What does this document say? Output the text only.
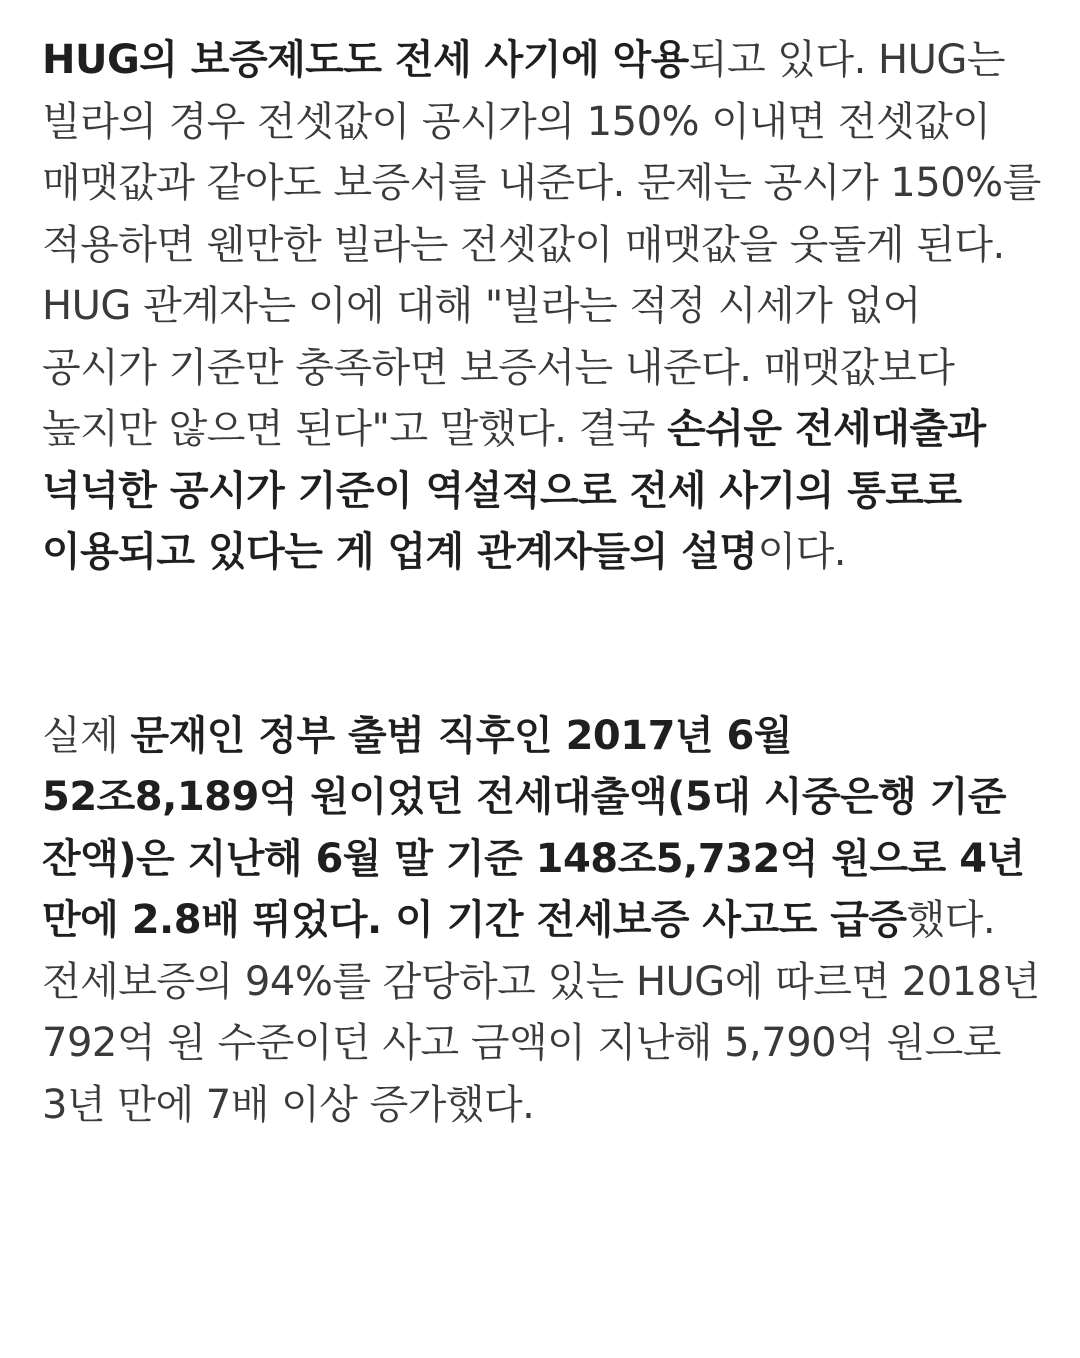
HUG의 보증제도도 전세 사기에 악용되고 있다. HUG는 빌라의 경우 전셋값이 공시가의 150% 이내면 전셋값이 매맷값과 같아도 보증서를 내준다. 문제는 공시가 150%를 적용하면 웬만한 빌라는 전셋값이 매맷값을 웃돌게 된다. HUG 관계자는 이에 대해 "빌라는 적정 시세가 없어 공시가 기준만 충족하면 보증서는 내준다. 매맷값보다 높지만 않으면 된다"고 말했다. 결국 손쉬운 전세대출과 넉넉한 공시가 기준이 역설적으로 전세 사기의 통로로 이용되고 있다는 게 업계 관계자들의 설명이다.

실제 문재인 정부 출범 직후인 2017년 6월 52조8,189억 원이었던 전세대출액(5대 시중은행 기준 잔액)은 지난해 6월 말 기준 148조5,732억 원으로 4년 만에 2.8배 뛰었다. 이 기간 전세보증 사고도 급증했다. 전세보증의 94%를 감당하고 있는 HUG에 따르면 2018년 792억 원 수준이던 사고 금액이 지난해 5,790억 원으로 3년 만에 7배 이상 증가했다.
